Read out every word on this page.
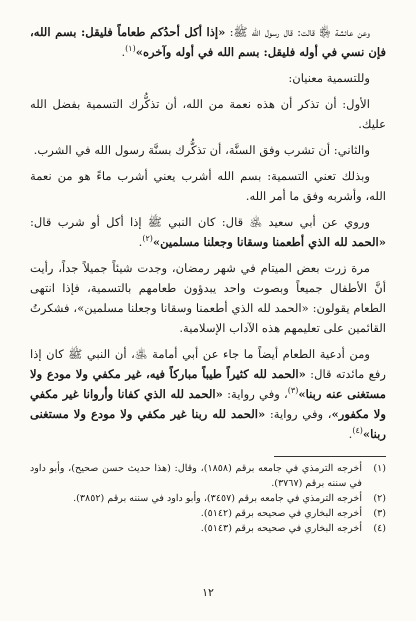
وعن عائشة ﵂ قالت: قال رسول الله ﷺ: «إذا أكل أحدُكم طعاماً فليقل: بسم الله، فإن نسي في أوله فليقل: بسم الله في أوله وآخره»$^{(١)}$.

وللتسمية معنيان:

الأول: أن تذكر أن هذه نعمة من الله، أن تذكُّرك التسمية بفضل الله عليك.

والثاني: أن تشرب وفق السنَّة، أن تذكُّرك بسنَّة رسول الله في الشرب.

وبذلك تعني التسمية: بسم الله أشرب يعني أشرب ماءً هو من نعمة الله، وأشربه وفق ما أمر الله.

وروي عن أبي سعيد ﵁ قال: كان النبي ﷺ إذا أكل أو شرب قال: «الحمد لله الذي أطعمنا وسقانا وجعلنا مسلمين»$^{(٢)}$.

مرة زرت بعض الميتام في شهر رمضان، وجدت شيئاً جميلاً جداً، رأيت أنَّ الأطفال جميعاً وبصوت واحد يبدؤون طعامهم بالتسمية، فإذا انتهى الطعام يقولون: «الحمد لله الذي أطعمنا وسقانا وجعلنا مسلمين»، فشكرتُ القائمين على تعليمهم هذه الآداب الإسلامية.

ومن أدعية الطعام أيضاً ما جاء عن أبي أمامة ﵁، أن النبي ﷺ كان إذا رفع مائدته قال: «الحمد لله كثيراً طيباً مباركاً فيه، غير مكفي ولا مودع ولا مستغنى عنه ربنا»$^{(٣)}$، وفي رواية: «الحمد لله الذي كفانا وأروانا غير مكفي ولا مكفور»، وفي رواية: «الحمد لله ربنا غير مكفي ولا مودع ولا مستغنى ربنا»$^{(٤)}$.

(١)
أخرجه الترمذي في جامعه برقم (١٨٥٨)، وقال: (هذا حديث حسن صحيح)، وأبو داود في سننه برقم (٣٧٦٧).
(٢)
أخرجه الترمذي في جامعه برقم (٣٤٥٧)، وأبو داود في سننه برقم (٣٨٥٢).
(٣)
أخرجه البخاري في صحيحه برقم (٥١٤٢).
(٤)
أخرجه البخاري في صحيحه برقم (٥١٤٣).
١٢
